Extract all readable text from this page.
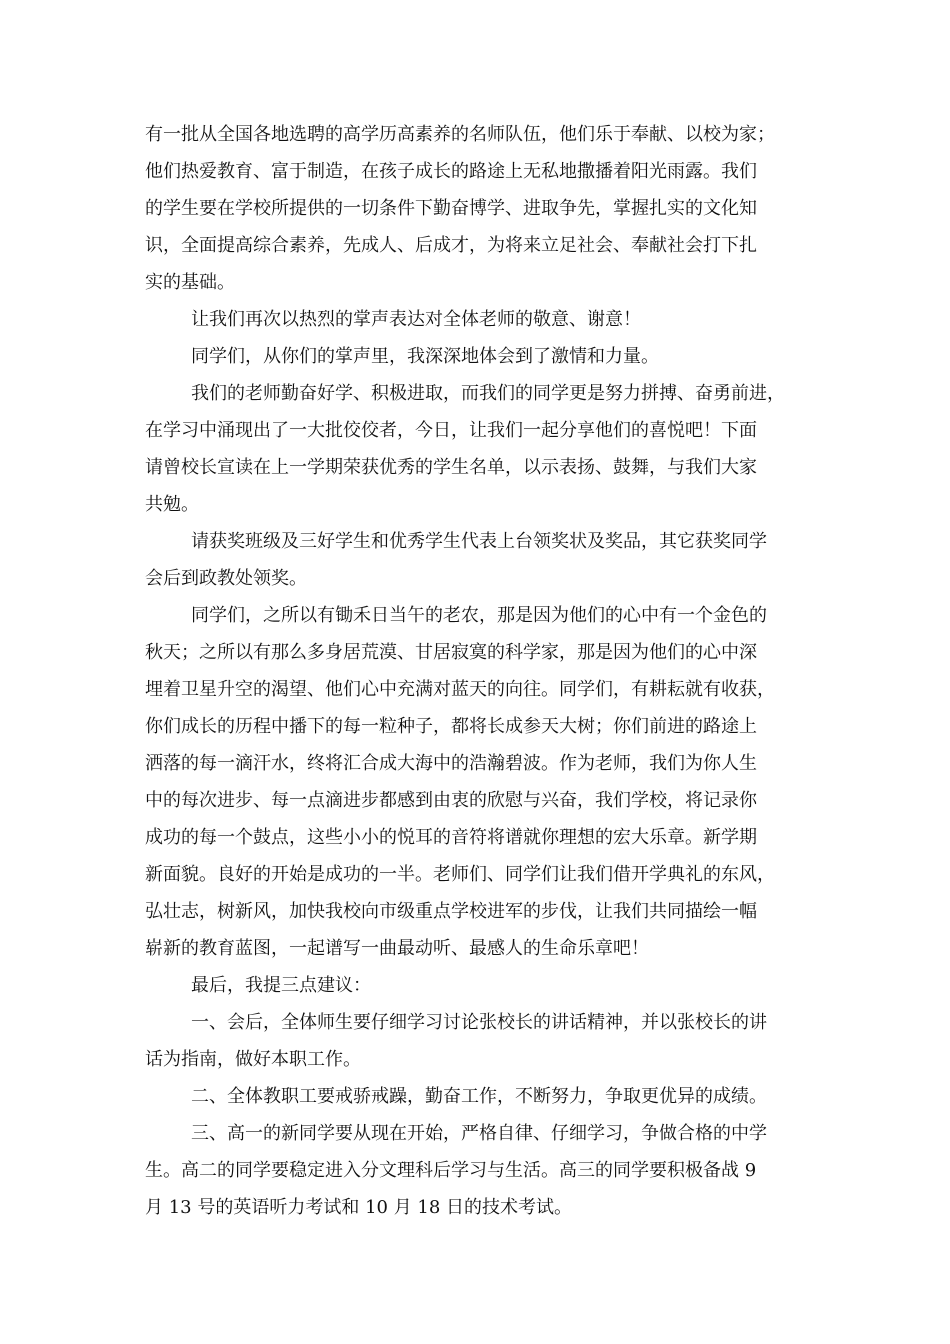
有一批从全国各地选聘的高学历高素养的名师队伍，他们乐于奉献、以校为家；
他们热爱教育、富于制造，在孩子成长的路途上无私地撒播着阳光雨露。我们
的学生要在学校所提供的一切条件下勤奋博学、进取争先，掌握扎实的文化知
识，全面提高综合素养，先成人、后成才，为将来立足社会、奉献社会打下扎
实的基础。
让我们再次以热烈的掌声表达对全体老师的敬意、谢意！
同学们，从你们的掌声里，我深深地体会到了激情和力量。
我们的老师勤奋好学、积极进取，而我们的同学更是努力拼搏、奋勇前进，
在学习中涌现出了一大批佼佼者，今日，让我们一起分享他们的喜悦吧！下面
请曾校长宣读在上一学期荣获优秀的学生名单，以示表扬、鼓舞，与我们大家
共勉。
请获奖班级及三好学生和优秀学生代表上台领奖状及奖品，其它获奖同学
会后到政教处领奖。
同学们，之所以有锄禾日当午的老农，那是因为他们的心中有一个金色的
秋天；之所以有那么多身居荒漠、甘居寂寞的科学家，那是因为他们的心中深
埋着卫星升空的渴望、他们心中充满对蓝天的向往。同学们，有耕耘就有收获，
你们成长的历程中播下的每一粒种子，都将长成参天大树；你们前进的路途上
洒落的每一滴汗水，终将汇合成大海中的浩瀚碧波。作为老师，我们为你人生
中的每次进步、每一点滴进步都感到由衷的欣慰与兴奋，我们学校，将记录你
成功的每一个鼓点，这些小小的悦耳的音符将谱就你理想的宏大乐章。新学期
新面貌。良好的开始是成功的一半。老师们、同学们让我们借开学典礼的东风，
弘壮志，树新风，加快我校向市级重点学校进军的步伐，让我们共同描绘一幅
崭新的教育蓝图，一起谱写一曲最动听、最感人的生命乐章吧！
最后，我提三点建议：
一、会后，全体师生要仔细学习讨论张校长的讲话精神，并以张校长的讲
话为指南，做好本职工作。
二、全体教职工要戒骄戒躁，勤奋工作，不断努力，争取更优异的成绩。
三、高一的新同学要从现在开始，严格自律、仔细学习，争做合格的中学
生。高二的同学要稳定进入分文理科后学习与生活。高三的同学要积极备战 9
月 13 号的英语听力考试和 10 月 18 日的技术考试。
